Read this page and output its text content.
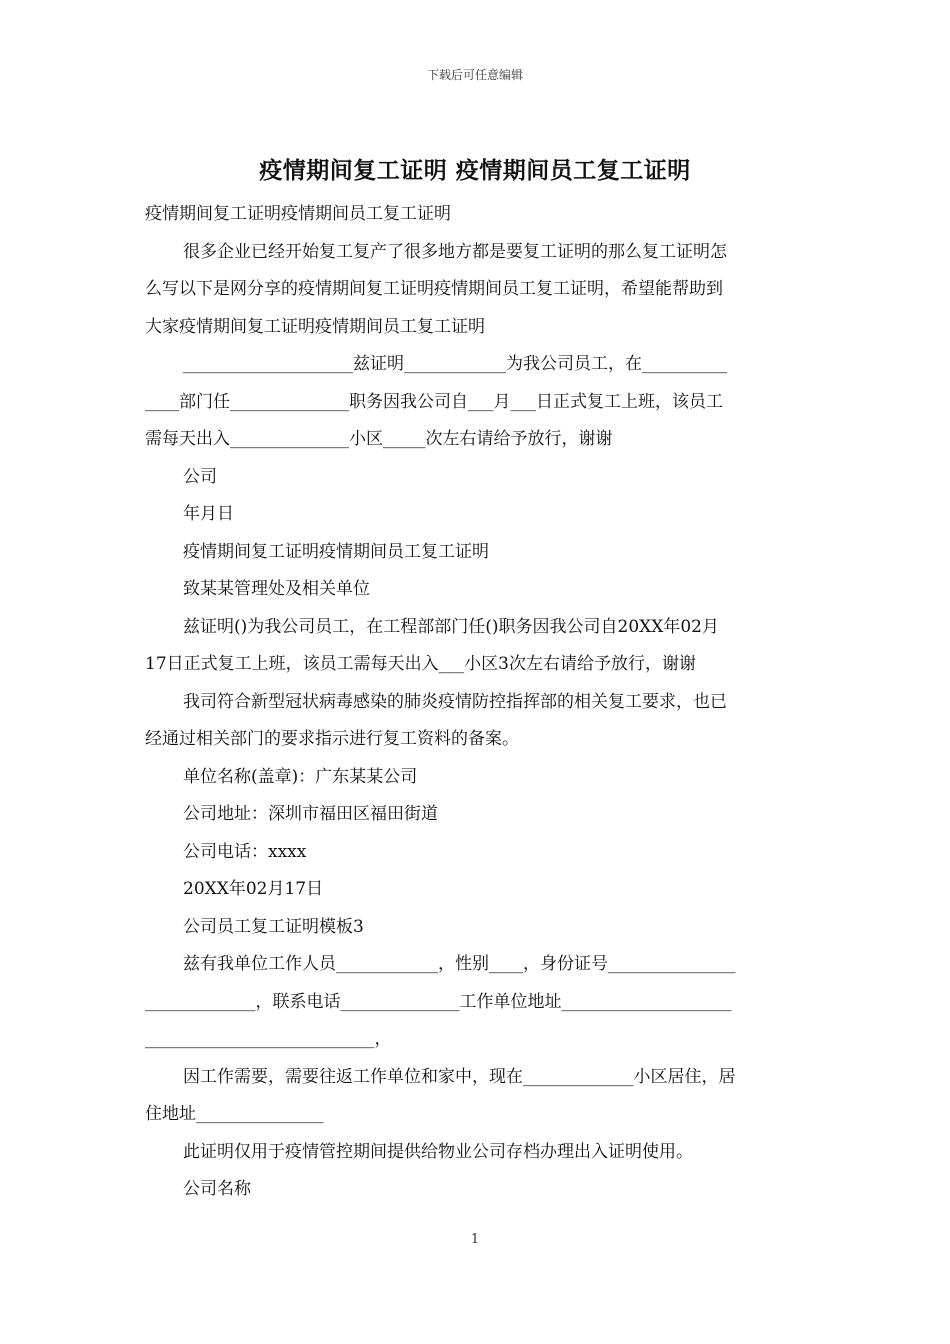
下载后可任意编辑
疫情期间复工证明 疫情期间员工复工证明

疫情期间复工证明疫情期间员工复工证明

很多企业已经开始复工复产了很多地方都是要复工证明的那么复工证明怎

么写以下是网分享的疫情期间复工证明疫情期间员工复工证明，希望能帮助到

大家疫情期间复工证明疫情期间员工复工证明

____________________兹证明____________为我公司员工，在__________

____部门任______________职务因我公司自___月___日正式复工上班，该员工

需每天出入______________小区_____次左右请给予放行，谢谢

公司

年月日

疫情期间复工证明疫情期间员工复工证明

致某某管理处及相关单位

兹证明()为我公司员工，在工程部部门任()职务因我公司自20XX年02月

17日正式复工上班，该员工需每天出入___小区3次左右请给予放行，谢谢

我司符合新型冠状病毒感染的肺炎疫情防控指挥部的相关复工要求，也已

经通过相关部门的要求指示进行复工资料的备案。

单位名称(盖章)：广东某某公司

公司地址：深圳市福田区福田街道

公司电话：xxxx

20XX年02月17日

公司员工复工证明模板3

兹有我单位工作人员____________，性别____，身份证号_______________

_____________，联系电话______________工作单位地址____________________

___________________________，

因工作需要，需要往返工作单位和家中，现在_____________小区居住，居

住地址_______________

此证明仅用于疫情管控期间提供给物业公司存档办理出入证明使用。

公司名称

1
